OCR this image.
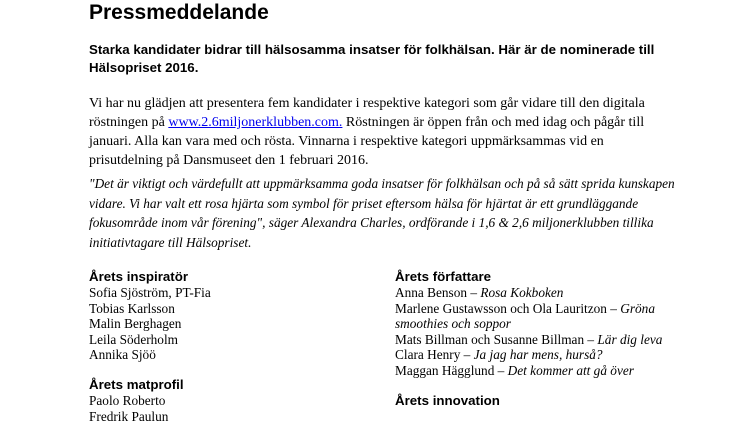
Pressmeddelande

Starka kandidater bidrar till hälsosamma insatser för folkhälsan. Här är de nominerade till Hälsopriset 2016.

Vi har nu glädjen att presentera fem kandidater i respektive kategori som går vidare till den digitala röstningen på www.2.6miljonerklubben.com. Röstningen är öppen från och med idag och pågår till januari. Alla kan vara med och rösta. Vinnarna i respektive kategori uppmärksammas vid en prisutdelning på Dansmuseet den 1 februari 2016.

"Det är viktigt och värdefullt att uppmärksamma goda insatser för folkhälsan och på så sätt sprida kunskapen vidare. Vi har valt ett rosa hjärta som symbol för priset eftersom hälsa för hjärtat är ett grundläggande fokusområde inom vår förening", säger Alexandra Charles, ordförande i 1,6 & 2,6 miljonerklubben tillika initiativtagare till Hälsopriset.

Årets inspiratör
Sofia Sjöström, PT-Fia
Tobias Karlsson
Malin Berghagen
Leila Söderholm
Annika Sjöö
Årets matprofil
Paolo Roberto
Fredrik Paulun
Årets författare
Anna Benson – Rosa Kokboken
Marlene Gustawsson och Ola Lauritzon – Gröna smoothies och soppor
Mats Billman och Susanne Billman – Lär dig leva
Clara Henry – Ja jag har mens, hurså?
Maggan Hägglund – Det kommer att gå över
Årets innovation
